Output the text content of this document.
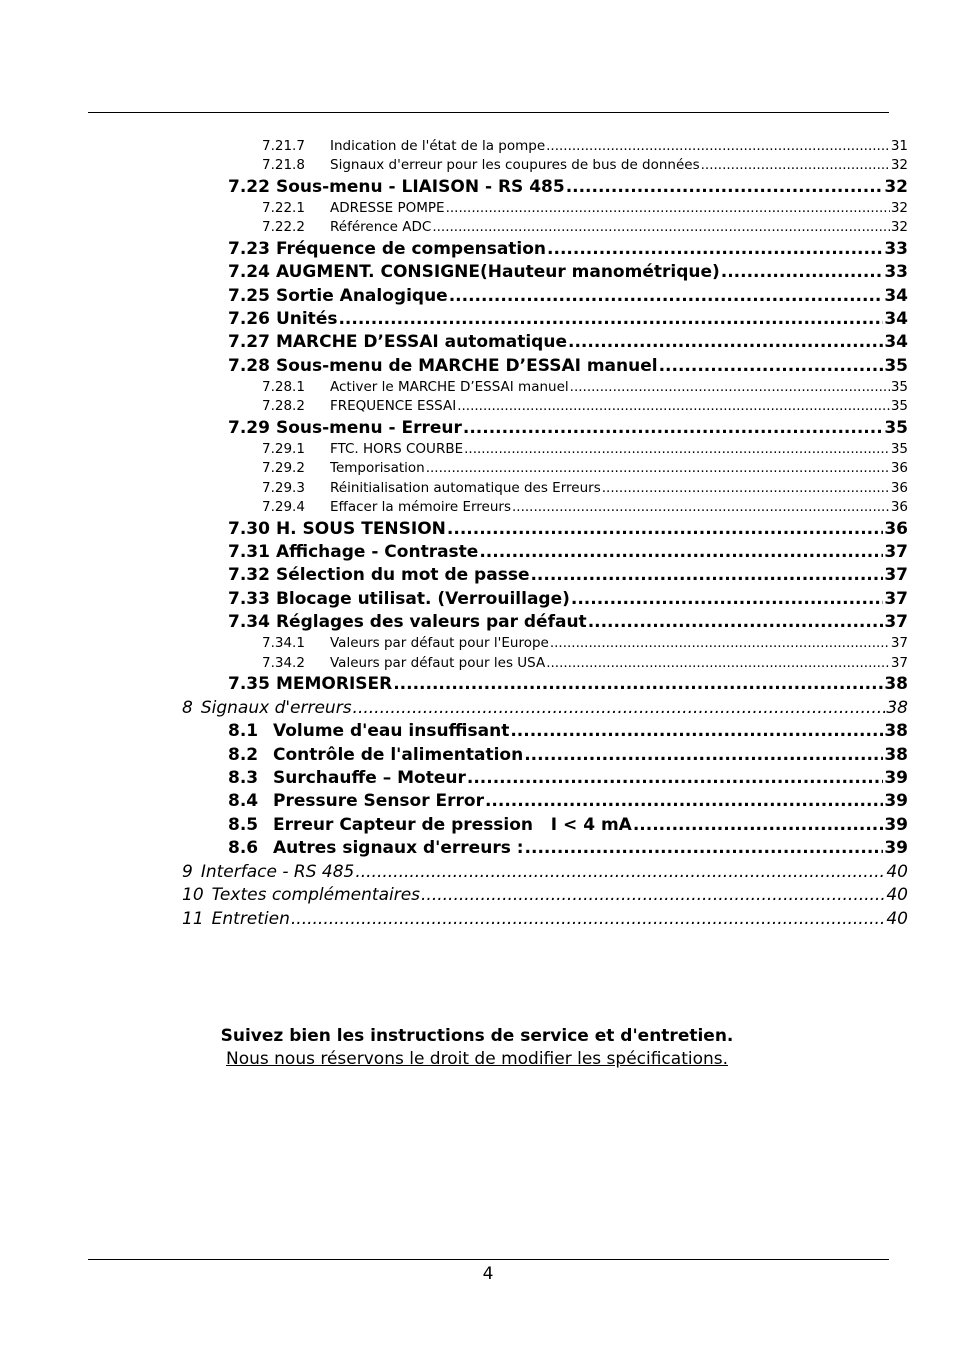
7.21.7	Indication de l'état de la pompe .....	31
7.21.8	Signaux d'erreur pour les coupures de bus de données .....	32
7.22 Sous-menu - LIAISON - RS 485 .....	32
7.22.1	ADRESSE POMPE .....	32
7.22.2	Référence ADC .....	32
7.23 Fréquence de compensation .....	33
7.24 AUGMENT. CONSIGNE(Hauteur manométrique) .....	33
7.25 Sortie Analogique .....	34
7.26 Unités .....	34
7.27 MARCHE D’ESSAI automatique .....	34
7.28 Sous-menu de MARCHE D’ESSAI manuel .....	35
7.28.1	Activer le MARCHE D’ESSAI manuel .....	35
7.28.2	FREQUENCE ESSAI .....	35
7.29 Sous-menu - Erreur .....	35
7.29.1	FTC. HORS COURBE .....	35
7.29.2	Temporisation .....	36
7.29.3	Réinitialisation automatique des Erreurs .....	36
7.29.4	Effacer la mémoire Erreurs .....	36
7.30 H. SOUS TENSION .....	36
7.31 Affichage - Contraste .....	37
7.32 Sélection du mot de passe .....	37
7.33 Blocage utilisat. (Verrouillage) .....	37
7.34 Réglages des valeurs par défaut .....	37
7.34.1	Valeurs par défaut pour l'Europe .....	37
7.34.2	Valeurs par défaut pour les USA .....	37
7.35 MEMORISER .....	38
8 Signaux d'erreurs .....	38
8.1 Volume d'eau insuffisant .....	38
8.2 Contrôle de l'alimentation .....	38
8.3 Surchauffe – Moteur .....	39
8.4 Pressure Sensor Error .....	39
8.5 Erreur Capteur de pression   I < 4 mA .....	39
8.6 Autres signaux d'erreurs : .....	39
9 Interface - RS 485 .....	40
10 Textes complémentaires .....	40
11 Entretien .....	40
Suivez bien les instructions de service et d'entretien.
Nous nous réservons le droit de modifier les spécifications.
4
